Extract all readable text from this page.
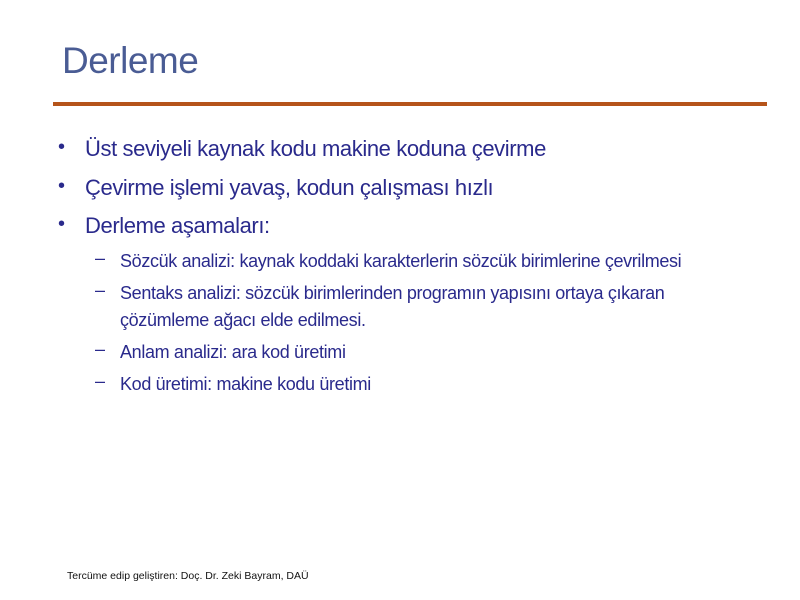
Derleme
• Üst seviyeli kaynak kodu makine koduna çevirme
• Çevirme işlemi yavaş, kodun çalışması hızlı
• Derleme aşamaları:
– Sözcük analizi: kaynak koddaki karakterlerin sözcük birimlerine çevrilmesi
– Sentaks analizi: sözcük birimlerinden programın yapısını ortaya çıkaran çözümleme ağacı elde edilmesi.
– Anlam analizi: ara kod üretimi
– Kod üretimi: makine kodu üretimi
Tercüme edip geliştiren: Doç. Dr. Zeki Bayram, DAÜ
